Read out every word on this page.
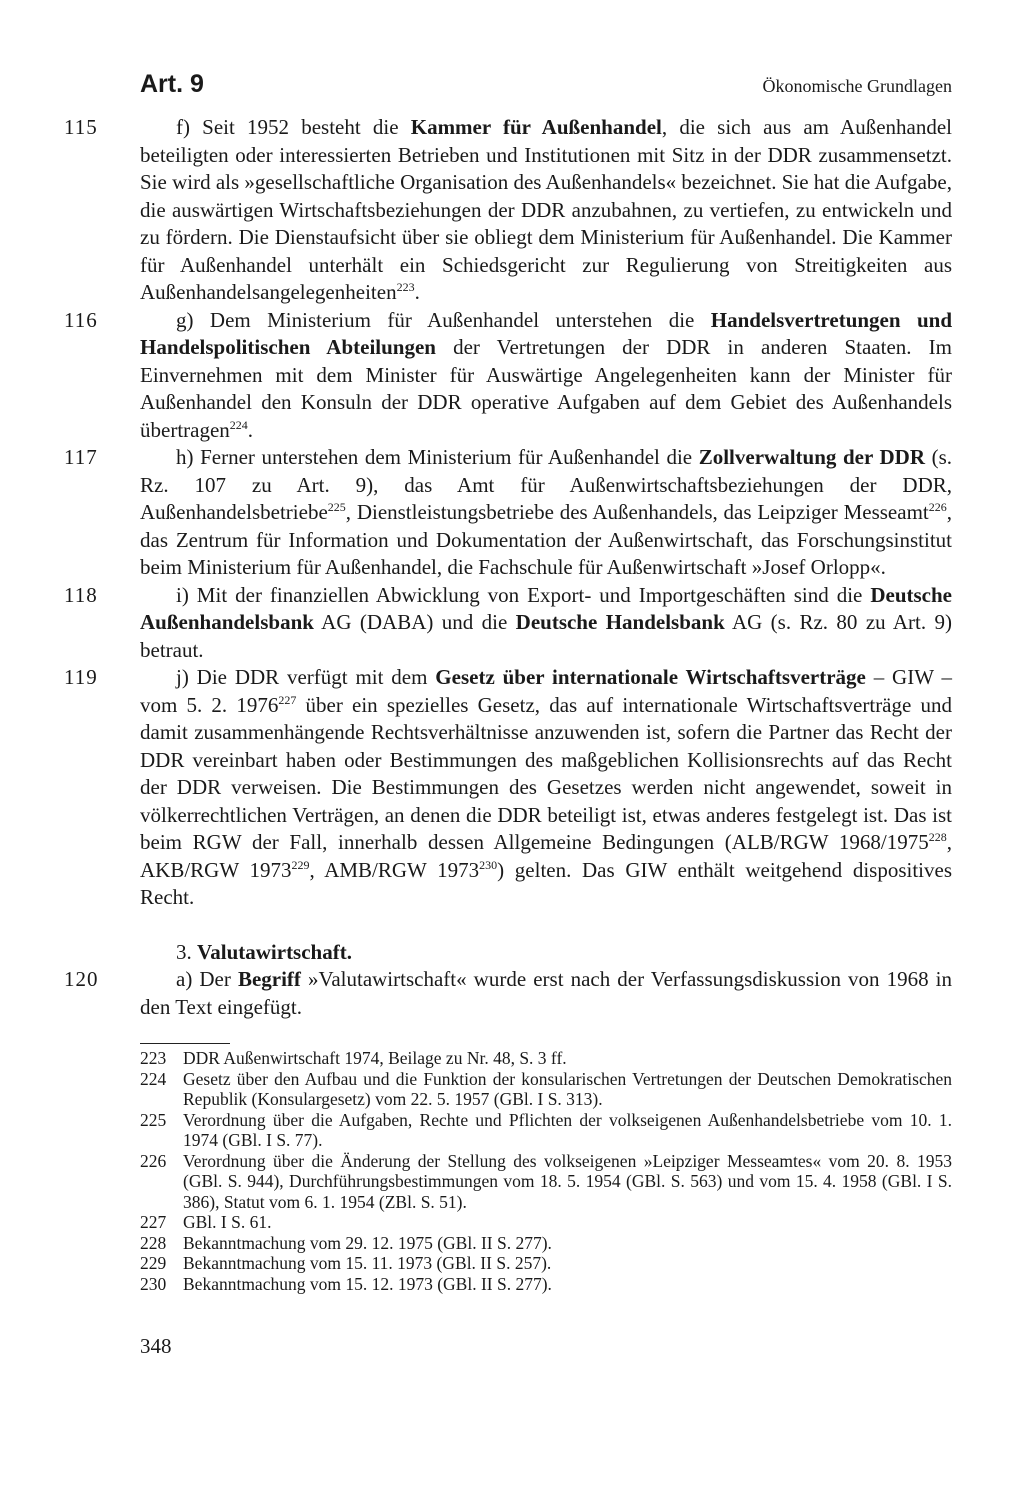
Art. 9	Ökonomische Grundlagen

115	f) Seit 1952 besteht die Kammer für Außenhandel, die sich aus am Außenhandel beteiligten oder interessierten Betrieben und Institutionen mit Sitz in der DDR zusammensetzt. Sie wird als »gesellschaftliche Organisation des Außenhandels« bezeichnet. Sie hat die Aufgabe, die auswärtigen Wirtschaftsbeziehungen der DDR anzubahnen, zu vertiefen, zu entwickeln und zu fördern. Die Dienstaufsicht über sie obliegt dem Ministerium für Außenhandel. Die Kammer für Außenhandel unterhält ein Schiedsgericht zur Regulierung von Streitigkeiten aus Außenhandelsangelegenheiten$^{223}$.

116	g) Dem Ministerium für Außenhandel unterstehen die Handelsvertretungen und Handelspolitischen Abteilungen der Vertretungen der DDR in anderen Staaten. Im Einvernehmen mit dem Minister für Auswärtige Angelegenheiten kann der Minister für Außenhandel den Konsuln der DDR operative Aufgaben auf dem Gebiet des Außenhandels übertragen$^{224}$.

117	h) Ferner unterstehen dem Ministerium für Außenhandel die Zollverwaltung der DDR (s. Rz. 107 zu Art. 9), das Amt für Außenwirtschaftsbeziehungen der DDR, Außenhandelsbetriebe$^{225}$, Dienstleistungsbetriebe des Außenhandels, das Leipziger Messeamt$^{226}$, das Zentrum für Information und Dokumentation der Außenwirtschaft, das Forschungsinstitut beim Ministerium für Außenhandel, die Fachschule für Außenwirtschaft »Josef Orlopp«.

118	i) Mit der finanziellen Abwicklung von Export- und Importgeschäften sind die Deutsche Außenhandelsbank AG (DABA) und die Deutsche Handelsbank AG (s. Rz. 80 zu Art. 9) betraut.

119	j) Die DDR verfügt mit dem Gesetz über internationale Wirtschaftsverträge – GIW – vom 5. 2. 1976$^{227}$ über ein spezielles Gesetz, das auf internationale Wirtschaftsverträge und damit zusammenhängende Rechtsverhältnisse anzuwenden ist, sofern die Partner das Recht der DDR vereinbart haben oder Bestimmungen des maßgeblichen Kollisionsrechts auf das Recht der DDR verweisen. Die Bestimmungen des Gesetzes werden nicht angewendet, soweit in völkerrechtlichen Verträgen, an denen die DDR beteiligt ist, etwas anderes festgelegt ist. Das ist beim RGW der Fall, innerhalb dessen Allgemeine Bedingungen (ALB/RGW 1968/1975$^{228}$, AKB/RGW 1973$^{229}$, AMB/RGW 1973$^{230}$) gelten. Das GIW enthält weitgehend dispositives Recht.

3. Valutawirtschaft.

120	a) Der Begriff »Valutawirtschaft« wurde erst nach der Verfassungsdiskussion von 1968 in den Text eingefügt.

223 DDR Außenwirtschaft 1974, Beilage zu Nr. 48, S. 3 ff.
224 Gesetz über den Aufbau und die Funktion der konsularischen Vertretungen der Deutschen Demokratischen Republik (Konsulargesetz) vom 22. 5. 1957 (GBl. I S. 313).
225 Verordnung über die Aufgaben, Rechte und Pflichten der volkseigenen Außenhandelsbetriebe vom 10. 1. 1974 (GBl. I S. 77).
226 Verordnung über die Änderung der Stellung des volkseigenen »Leipziger Messeamtes« vom 20. 8. 1953 (GBl. S. 944), Durchführungsbestimmungen vom 18. 5. 1954 (GBl. S. 563) und vom 15. 4. 1958 (GBl. I S. 386), Statut vom 6. 1. 1954 (ZBl. S. 51).
227 GBl. I S. 61.
228 Bekanntmachung vom 29. 12. 1975 (GBl. II S. 277).
229 Bekanntmachung vom 15. 11. 1973 (GBl. II S. 257).
230 Bekanntmachung vom 15. 12. 1973 (GBl. II S. 277).
348
